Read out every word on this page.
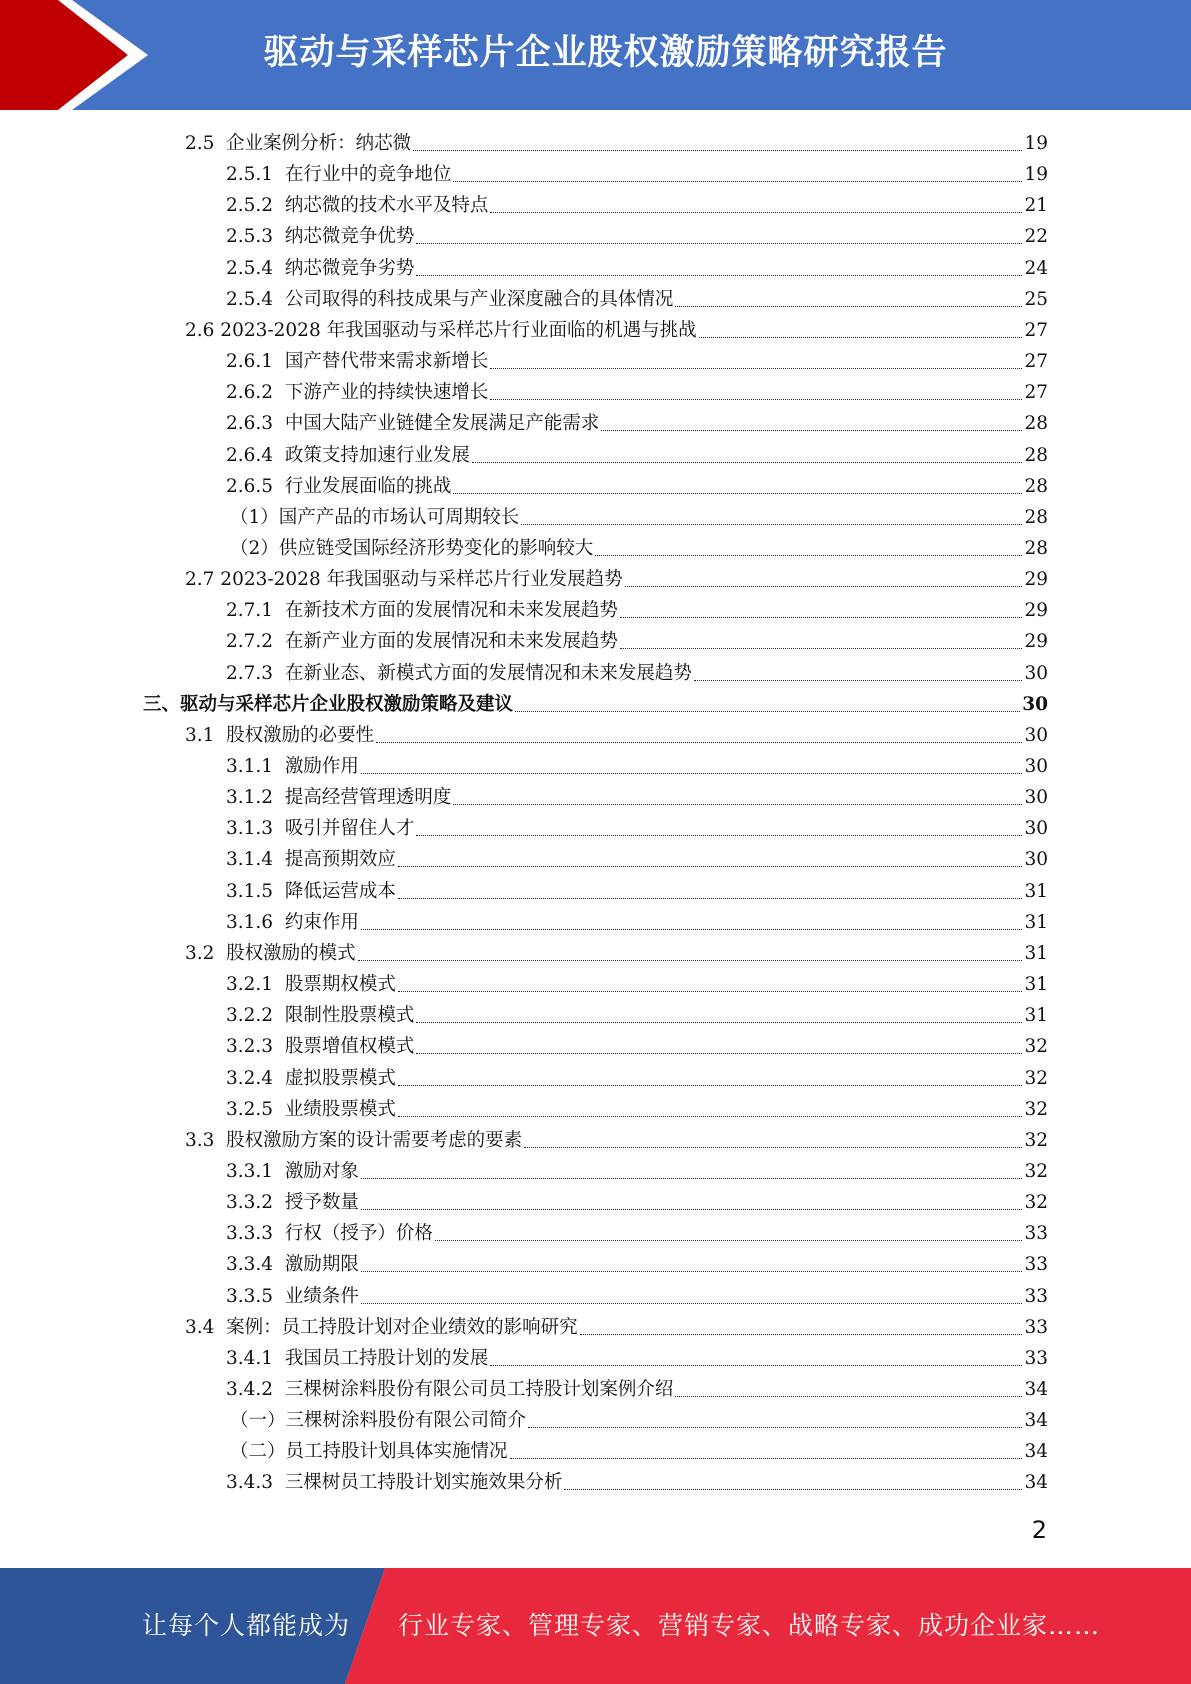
驱动与采样芯片企业股权激励策略研究报告
2.5  企业案例分析：纳芯微	19
2.5.1  在行业中的竞争地位	19
2.5.2  纳芯微的技术水平及特点	21
2.5.3  纳芯微竞争优势	22
2.5.4  纳芯微竞争劣势	24
2.5.4  公司取得的科技成果与产业深度融合的具体情况	25
2.6 2023-2028 年我国驱动与采样芯片行业面临的机遇与挑战	27
2.6.1  国产替代带来需求新增长	27
2.6.2  下游产业的持续快速增长	27
2.6.3  中国大陆产业链健全发展满足产能需求	28
2.6.4  政策支持加速行业发展	28
2.6.5  行业发展面临的挑战	28
（1）国产产品的市场认可周期较长	28
（2）供应链受国际经济形势变化的影响较大	28
2.7 2023-2028 年我国驱动与采样芯片行业发展趋势	29
2.7.1  在新技术方面的发展情况和未来发展趋势	29
2.7.2  在新产业方面的发展情况和未来发展趋势	29
2.7.3  在新业态、新模式方面的发展情况和未来发展趋势	30
三、驱动与采样芯片企业股权激励策略及建议	30
3.1  股权激励的必要性	30
3.1.1  激励作用	30
3.1.2  提高经营管理透明度	30
3.1.3  吸引并留住人才	30
3.1.4  提高预期效应	30
3.1.5  降低运营成本	31
3.1.6  约束作用	31
3.2  股权激励的模式	31
3.2.1  股票期权模式	31
3.2.2  限制性股票模式	31
3.2.3  股票增值权模式	32
3.2.4  虚拟股票模式	32
3.2.5  业绩股票模式	32
3.3  股权激励方案的设计需要考虑的要素	32
3.3.1  激励对象	32
3.3.2  授予数量	32
3.3.3  行权（授予）价格	33
3.3.4  激励期限	33
3.3.5  业绩条件	33
3.4  案例：员工持股计划对企业绩效的影响研究	33
3.4.1  我国员工持股计划的发展	33
3.4.2  三棵树涂料股份有限公司员工持股计划案例介绍	34
（一）三棵树涂料股份有限公司简介	34
（二）员工持股计划具体实施情况	34
3.4.3  三棵树员工持股计划实施效果分析	34
2
让每个人都能成为 行业专家、管理专家、营销专家、战略专家、成功企业家……
